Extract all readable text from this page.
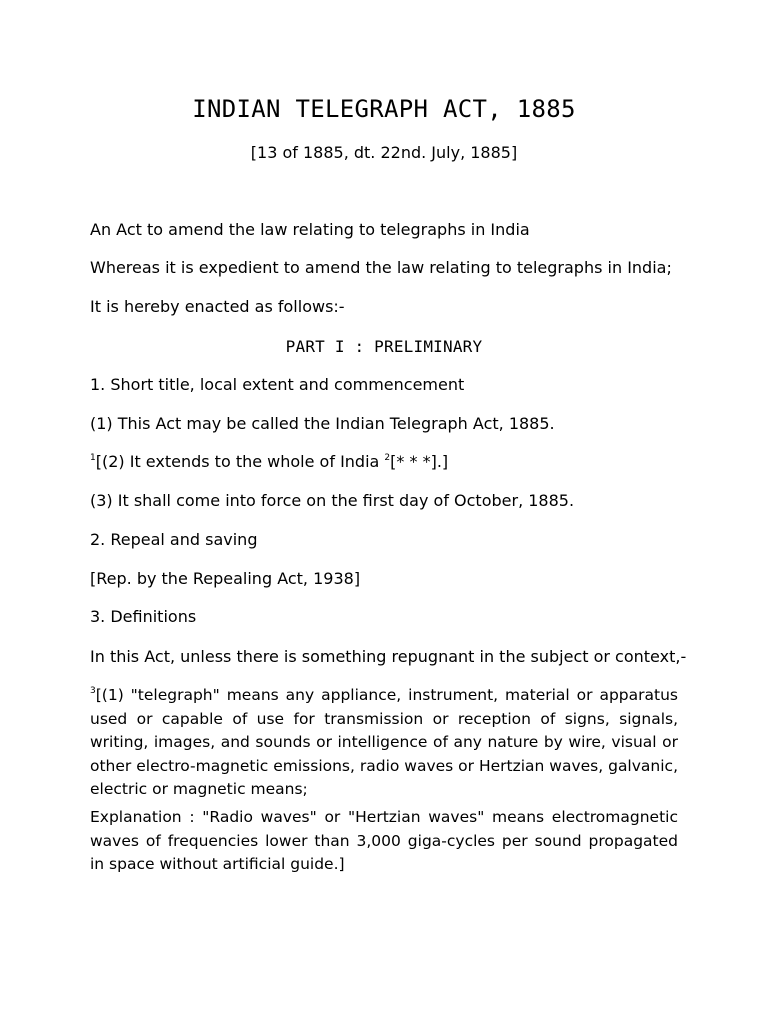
INDIAN TELEGRAPH ACT, 1885
[13 of 1885, dt. 22nd. July, 1885]
An Act to amend the law relating to telegraphs in India
Whereas it is expedient to amend the law relating to telegraphs in India;
It is hereby enacted as follows:-
PART I : PRELIMINARY
1. Short title, local extent and commencement
(1) This Act may be called the Indian Telegraph Act, 1885.
$^1$[(2) It extends to the whole of India $^2$[* * *].]
(3) It shall come into force on the first day of October, 1885.
2. Repeal and saving
[Rep. by the Repealing Act, 1938]
3. Definitions
In this Act, unless there is something repugnant in the subject or context,-
$^3$[(1) "telegraph" means any appliance, instrument, material or apparatus used or capable of use for transmission or reception of signs, signals, writing, images, and sounds or intelligence of any nature by wire, visual or other electro-magnetic emissions, radio waves or Hertzian waves, galvanic, electric or magnetic means;
Explanation : "Radio waves" or "Hertzian waves" means electromagnetic waves of frequencies lower than 3,000 giga-cycles per sound propagated in space without artificial guide.]
